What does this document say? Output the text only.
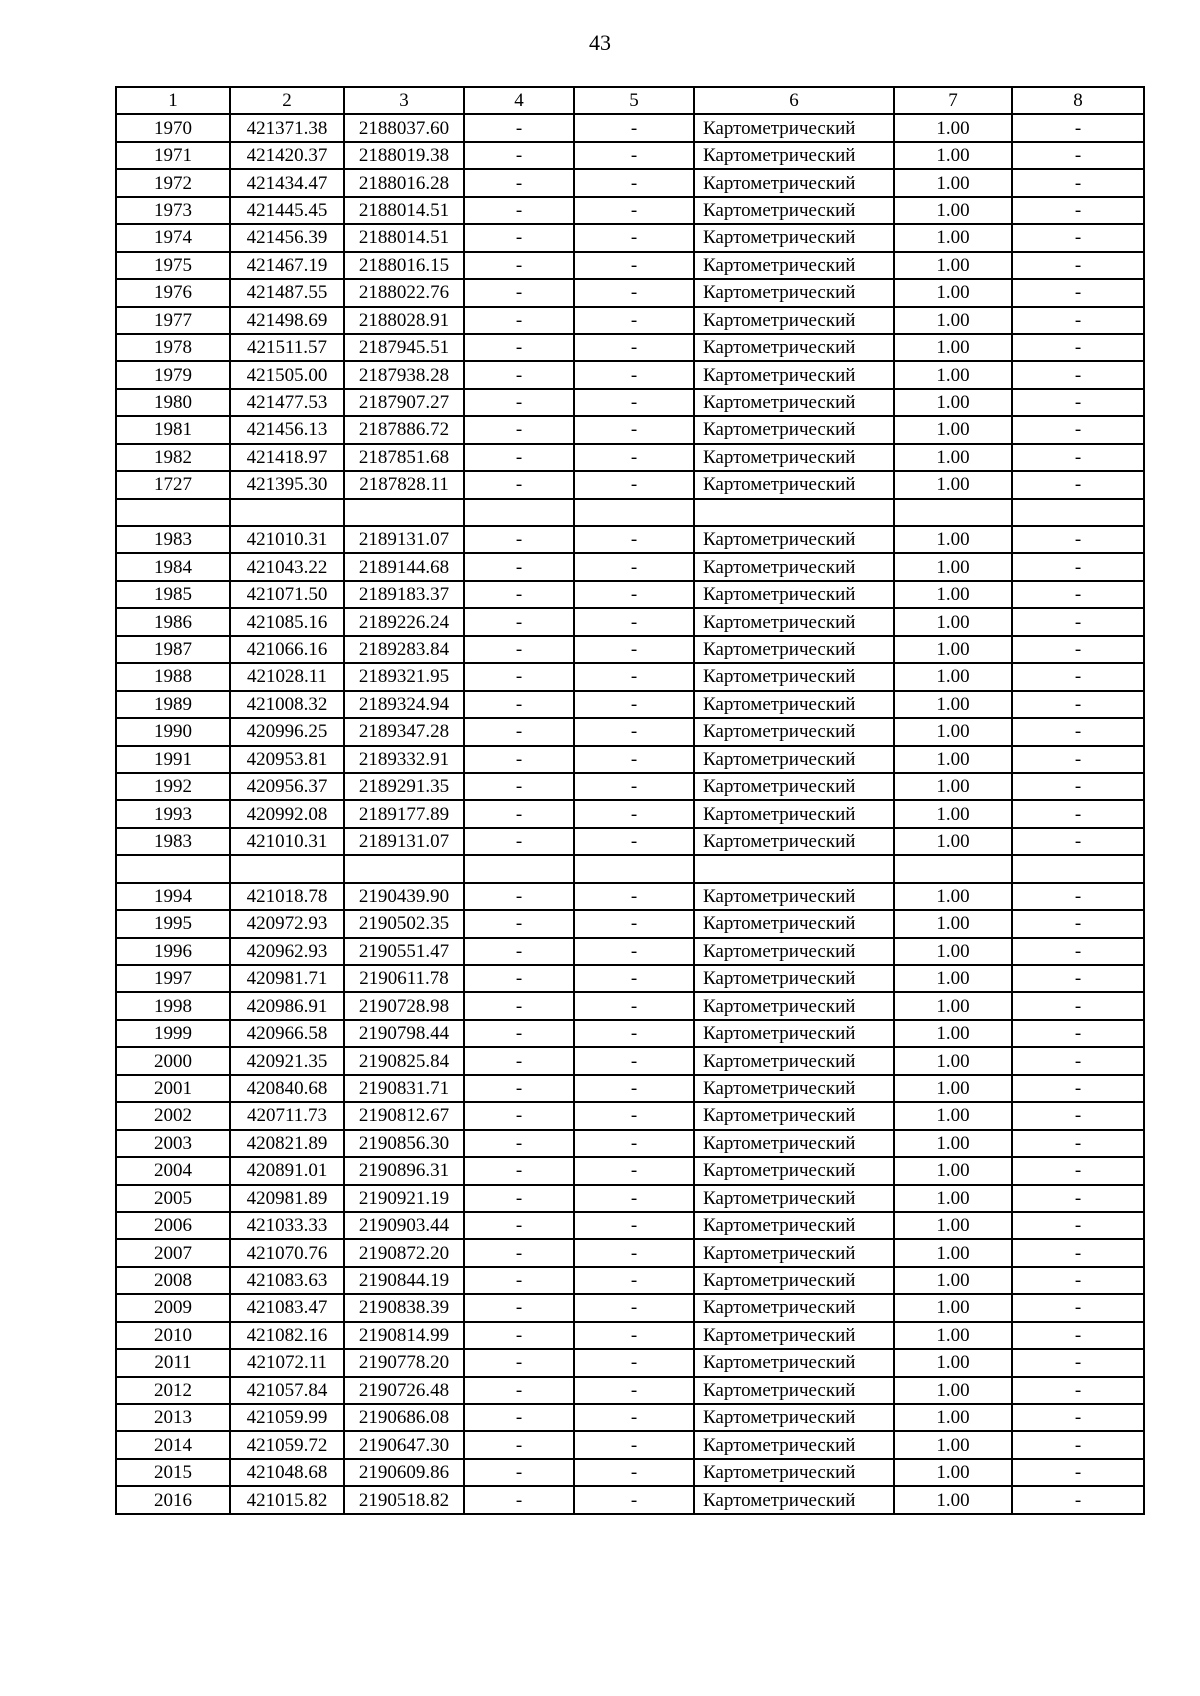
43
1	2	3	4	5	6	7	8
1970	421371.38	2188037.60	-	-	Картометрический	1.00	-
1971	421420.37	2188019.38	-	-	Картометрический	1.00	-
1972	421434.47	2188016.28	-	-	Картометрический	1.00	-
1973	421445.45	2188014.51	-	-	Картометрический	1.00	-
1974	421456.39	2188014.51	-	-	Картометрический	1.00	-
1975	421467.19	2188016.15	-	-	Картометрический	1.00	-
1976	421487.55	2188022.76	-	-	Картометрический	1.00	-
1977	421498.69	2188028.91	-	-	Картометрический	1.00	-
1978	421511.57	2187945.51	-	-	Картометрический	1.00	-
1979	421505.00	2187938.28	-	-	Картометрический	1.00	-
1980	421477.53	2187907.27	-	-	Картометрический	1.00	-
1981	421456.13	2187886.72	-	-	Картометрический	1.00	-
1982	421418.97	2187851.68	-	-	Картометрический	1.00	-
1727	421395.30	2187828.11	-	-	Картометрический	1.00	-

1983	421010.31	2189131.07	-	-	Картометрический	1.00	-
1984	421043.22	2189144.68	-	-	Картометрический	1.00	-
1985	421071.50	2189183.37	-	-	Картометрический	1.00	-
1986	421085.16	2189226.24	-	-	Картометрический	1.00	-
1987	421066.16	2189283.84	-	-	Картометрический	1.00	-
1988	421028.11	2189321.95	-	-	Картометрический	1.00	-
1989	421008.32	2189324.94	-	-	Картометрический	1.00	-
1990	420996.25	2189347.28	-	-	Картометрический	1.00	-
1991	420953.81	2189332.91	-	-	Картометрический	1.00	-
1992	420956.37	2189291.35	-	-	Картометрический	1.00	-
1993	420992.08	2189177.89	-	-	Картометрический	1.00	-
1983	421010.31	2189131.07	-	-	Картометрический	1.00	-

1994	421018.78	2190439.90	-	-	Картометрический	1.00	-
1995	420972.93	2190502.35	-	-	Картометрический	1.00	-
1996	420962.93	2190551.47	-	-	Картометрический	1.00	-
1997	420981.71	2190611.78	-	-	Картометрический	1.00	-
1998	420986.91	2190728.98	-	-	Картометрический	1.00	-
1999	420966.58	2190798.44	-	-	Картометрический	1.00	-
2000	420921.35	2190825.84	-	-	Картометрический	1.00	-
2001	420840.68	2190831.71	-	-	Картометрический	1.00	-
2002	420711.73	2190812.67	-	-	Картометрический	1.00	-
2003	420821.89	2190856.30	-	-	Картометрический	1.00	-
2004	420891.01	2190896.31	-	-	Картометрический	1.00	-
2005	420981.89	2190921.19	-	-	Картометрический	1.00	-
2006	421033.33	2190903.44	-	-	Картометрический	1.00	-
2007	421070.76	2190872.20	-	-	Картометрический	1.00	-
2008	421083.63	2190844.19	-	-	Картометрический	1.00	-
2009	421083.47	2190838.39	-	-	Картометрический	1.00	-
2010	421082.16	2190814.99	-	-	Картометрический	1.00	-
2011	421072.11	2190778.20	-	-	Картометрический	1.00	-
2012	421057.84	2190726.48	-	-	Картометрический	1.00	-
2013	421059.99	2190686.08	-	-	Картометрический	1.00	-
2014	421059.72	2190647.30	-	-	Картометрический	1.00	-
2015	421048.68	2190609.86	-	-	Картометрический	1.00	-
2016	421015.82	2190518.82	-	-	Картометрический	1.00	-
